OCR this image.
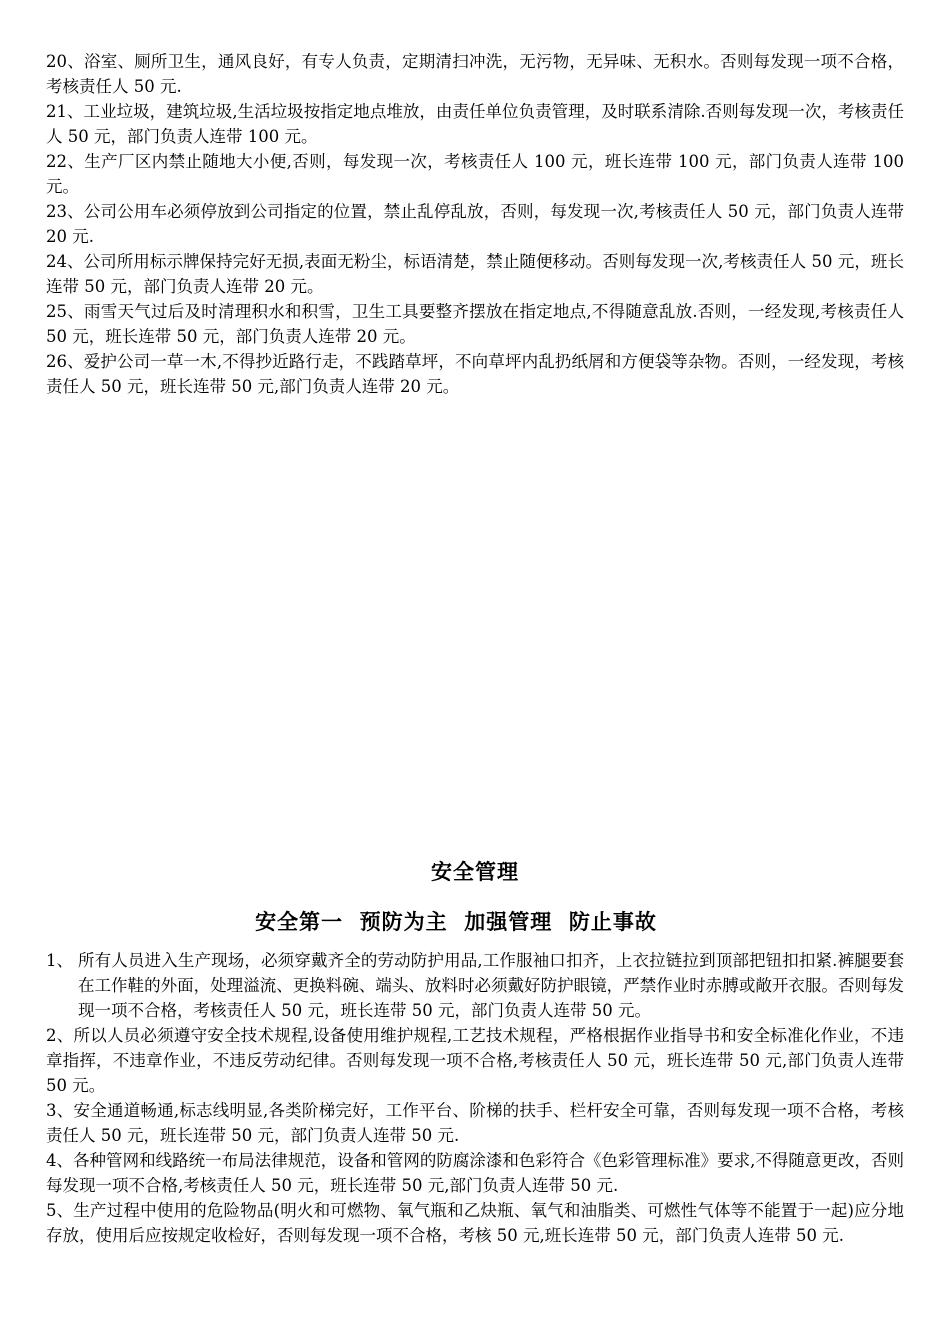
20、浴室、厕所卫生，通风良好，有专人负责，定期清扫冲洗，无污物，无异味、无积水。否则每发现一项不合格，考核责任人 50 元.

21、工业垃圾，建筑垃圾,生活垃圾按指定地点堆放，由责任单位负责管理，及时联系清除.否则每发现一次，考核责任人 50 元，部门负责人连带 100 元。

22、生产厂区内禁止随地大小便,否则，每发现一次，考核责任人 100 元，班长连带 100 元，部门负责人连带 100 元。

23、公司公用车必须停放到公司指定的位置，禁止乱停乱放，否则，每发现一次,考核责任人 50 元，部门负责人连带 20 元.

24、公司所用标示牌保持完好无损,表面无粉尘，标语清楚，禁止随便移动。否则每发现一次,考核责任人 50 元，班长连带 50 元，部门负责人连带 20 元。

25、雨雪天气过后及时清理积水和积雪，卫生工具要整齐摆放在指定地点,不得随意乱放.否则，一经发现,考核责任人 50 元，班长连带 50 元，部门负责人连带 20 元。

26、爱护公司一草一木,不得抄近路行走，不践踏草坪，不向草坪内乱扔纸屑和方便袋等杂物。否则，一经发现，考核责任人 50 元，班长连带 50 元,部门负责人连带 20 元。

安全管理
安全第一  预防为主  加强管理  防止事故
1、 所有人员进入生产现场，必须穿戴齐全的劳动防护用品,工作服袖口扣齐，上衣拉链拉到顶部把钮扣扣紧.裤腿要套在工作鞋的外面，处理溢流、更换料碗、端头、放料时必须戴好防护眼镜，严禁作业时赤膊或敞开衣服。否则每发现一项不合格，考核责任人 50 元，班长连带 50 元，部门负责人连带 50 元。

2、所以人员必须遵守安全技术规程,设备使用维护规程,工艺技术规程，严格根据作业指导书和安全标准化作业，不违章指挥，不违章作业，不违反劳动纪律。否则每发现一项不合格,考核责任人 50 元，班长连带 50 元,部门负责人连带 50 元。

3、安全通道畅通,标志线明显,各类阶梯完好，工作平台、阶梯的扶手、栏杆安全可靠，否则每发现一项不合格，考核责任人 50 元，班长连带 50 元，部门负责人连带 50 元.

4、各种管网和线路统一布局法律规范，设备和管网的防腐涂漆和色彩符合《色彩管理标准》要求,不得随意更改，否则每发现一项不合格,考核责任人 50 元，班长连带 50 元,部门负责人连带 50 元.

5、生产过程中使用的危险物品(明火和可燃物、氧气瓶和乙炔瓶、氧气和油脂类、可燃性气体等不能置于一起)应分地存放，使用后应按规定收检好，否则每发现一项不合格，考核 50 元,班长连带 50 元，部门负责人连带 50 元.
